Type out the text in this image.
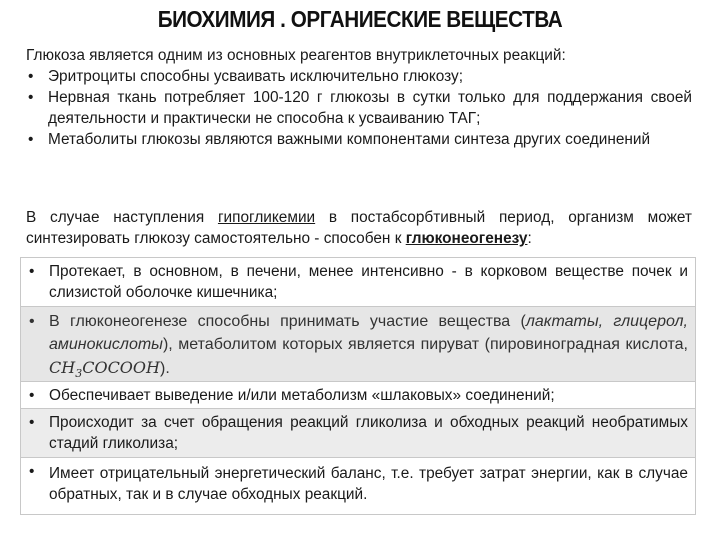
БИОХИМИЯ . ОРГАНИЕСКИЕ ВЕЩЕСТВА
Глюкоза является одним из основных реагентов внутриклеточных реакций:
• Эритроциты способны усваивать исключительно глюкозу;
• Нервная ткань потребляет 100-120 г глюкозы в сутки только для поддержания своей деятельности и практически не способна к усваиванию ТАГ;
• Метаболиты глюкозы являются важными компонентами синтеза других соединений
В случае наступления гипогликемии в постабсорбтивный период, организм может синтезировать глюкозу самостоятельно - способен к глюконеогенезу:
• Протекает, в основном, в печени, менее интенсивно - в корковом веществе почек и слизистой оболочке кишечника;
• В глюконеогенезе способны принимать участие вещества (лактаты, глицерол, аминокислоты), метаболитом которых является пируват (пировиноградная кислота, $CH_3COCOOH$).
• Обеспечивает выведение и/или метаболизм «шлаковых» соединений;
• Происходит за счет обращения реакций гликолиза и обходных реакций необратимых стадий гликолиза;
• Имеет отрицательный энергетический баланс, т.е. требует затрат энергии, как в случае обратных, так и в случае обходных реакций.
